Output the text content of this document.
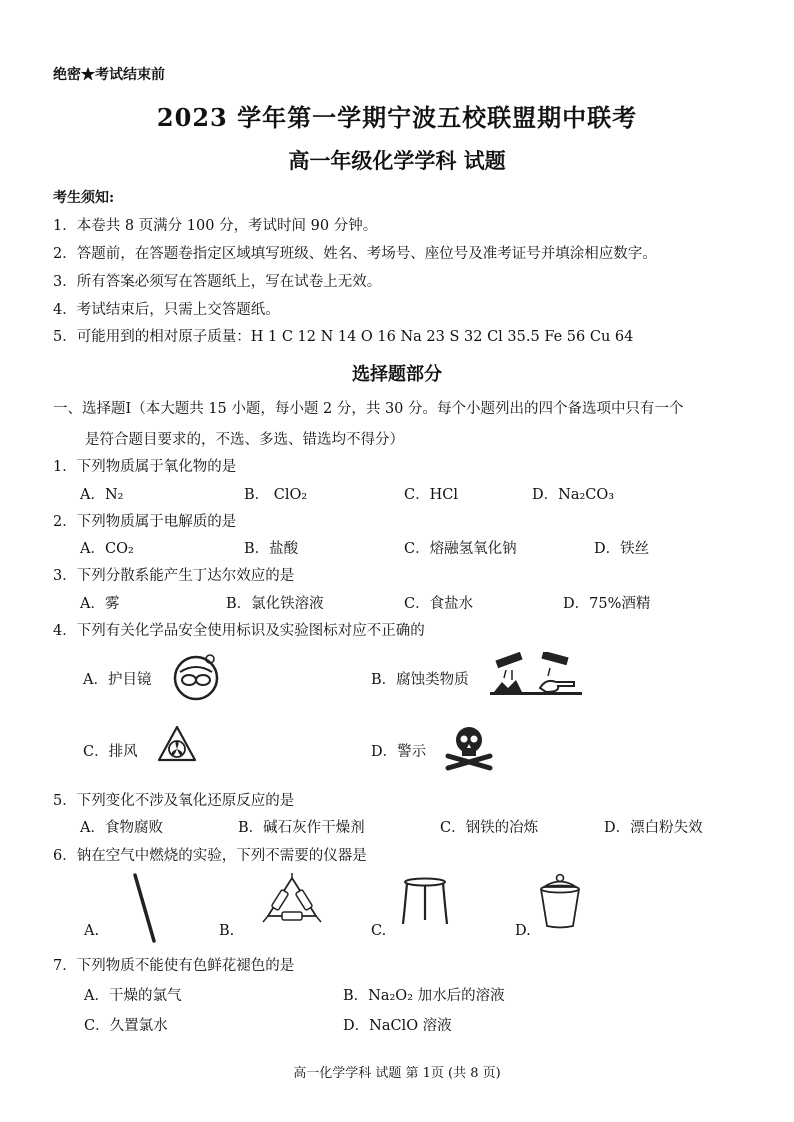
绝密★考试结束前
2023 学年第一学期宁波五校联盟期中联考
高一年级化学学科 试题
考生须知:
1．本卷共 8 页满分 100 分，考试时间 90 分钟。
2．答题前，在答题卷指定区域填写班级、姓名、考场号、座位号及准考证号并填涂相应数字。
3．所有答案必须写在答题纸上，写在试卷上无效。
4．考试结束后，只需上交答题纸。
5．可能用到的相对原子质量：H 1 C 12 N 14 O 16 Na 23 S 32 Cl 35.5 Fe 56 Cu 64
选择题部分
一、选择题Ⅰ（本大题共 15 小题，每小题 2 分，共 30 分。每个小题列出的四个备选项中只有一个
是符合题目要求的，不选、多选、错选均不得分）
1．下列物质属于氧化物的是
A．N₂	B． ClO₂	C．HCl	D．Na₂CO₃
2．下列物质属于电解质的是
A．CO₂	B．盐酸	C．熔融氢氧化钠	D．铁丝
3．下列分散系能产生丁达尔效应的是
A．雾	B．氯化铁溶液	C．食盐水	D．75%酒精
4．下列有关化学品安全使用标识及实验图标对应不正确的
A．护目镜	B．腐蚀类物质
C．排风	D．警示
5．下列变化不涉及氧化还原反应的是
A．食物腐败	B．碱石灰作干燥剂	C．钢铁的冶炼	D．漂白粉失效
6．钠在空气中燃烧的实验，下列不需要的仪器是
A.	B.	C.	D.
7．下列物质不能使有色鲜花褪色的是
A．干燥的氯气	B．Na₂O₂ 加水后的溶液
C．久置氯水	D．NaClO 溶液
高一化学学科 试题 第 1页 (共 8 页)
